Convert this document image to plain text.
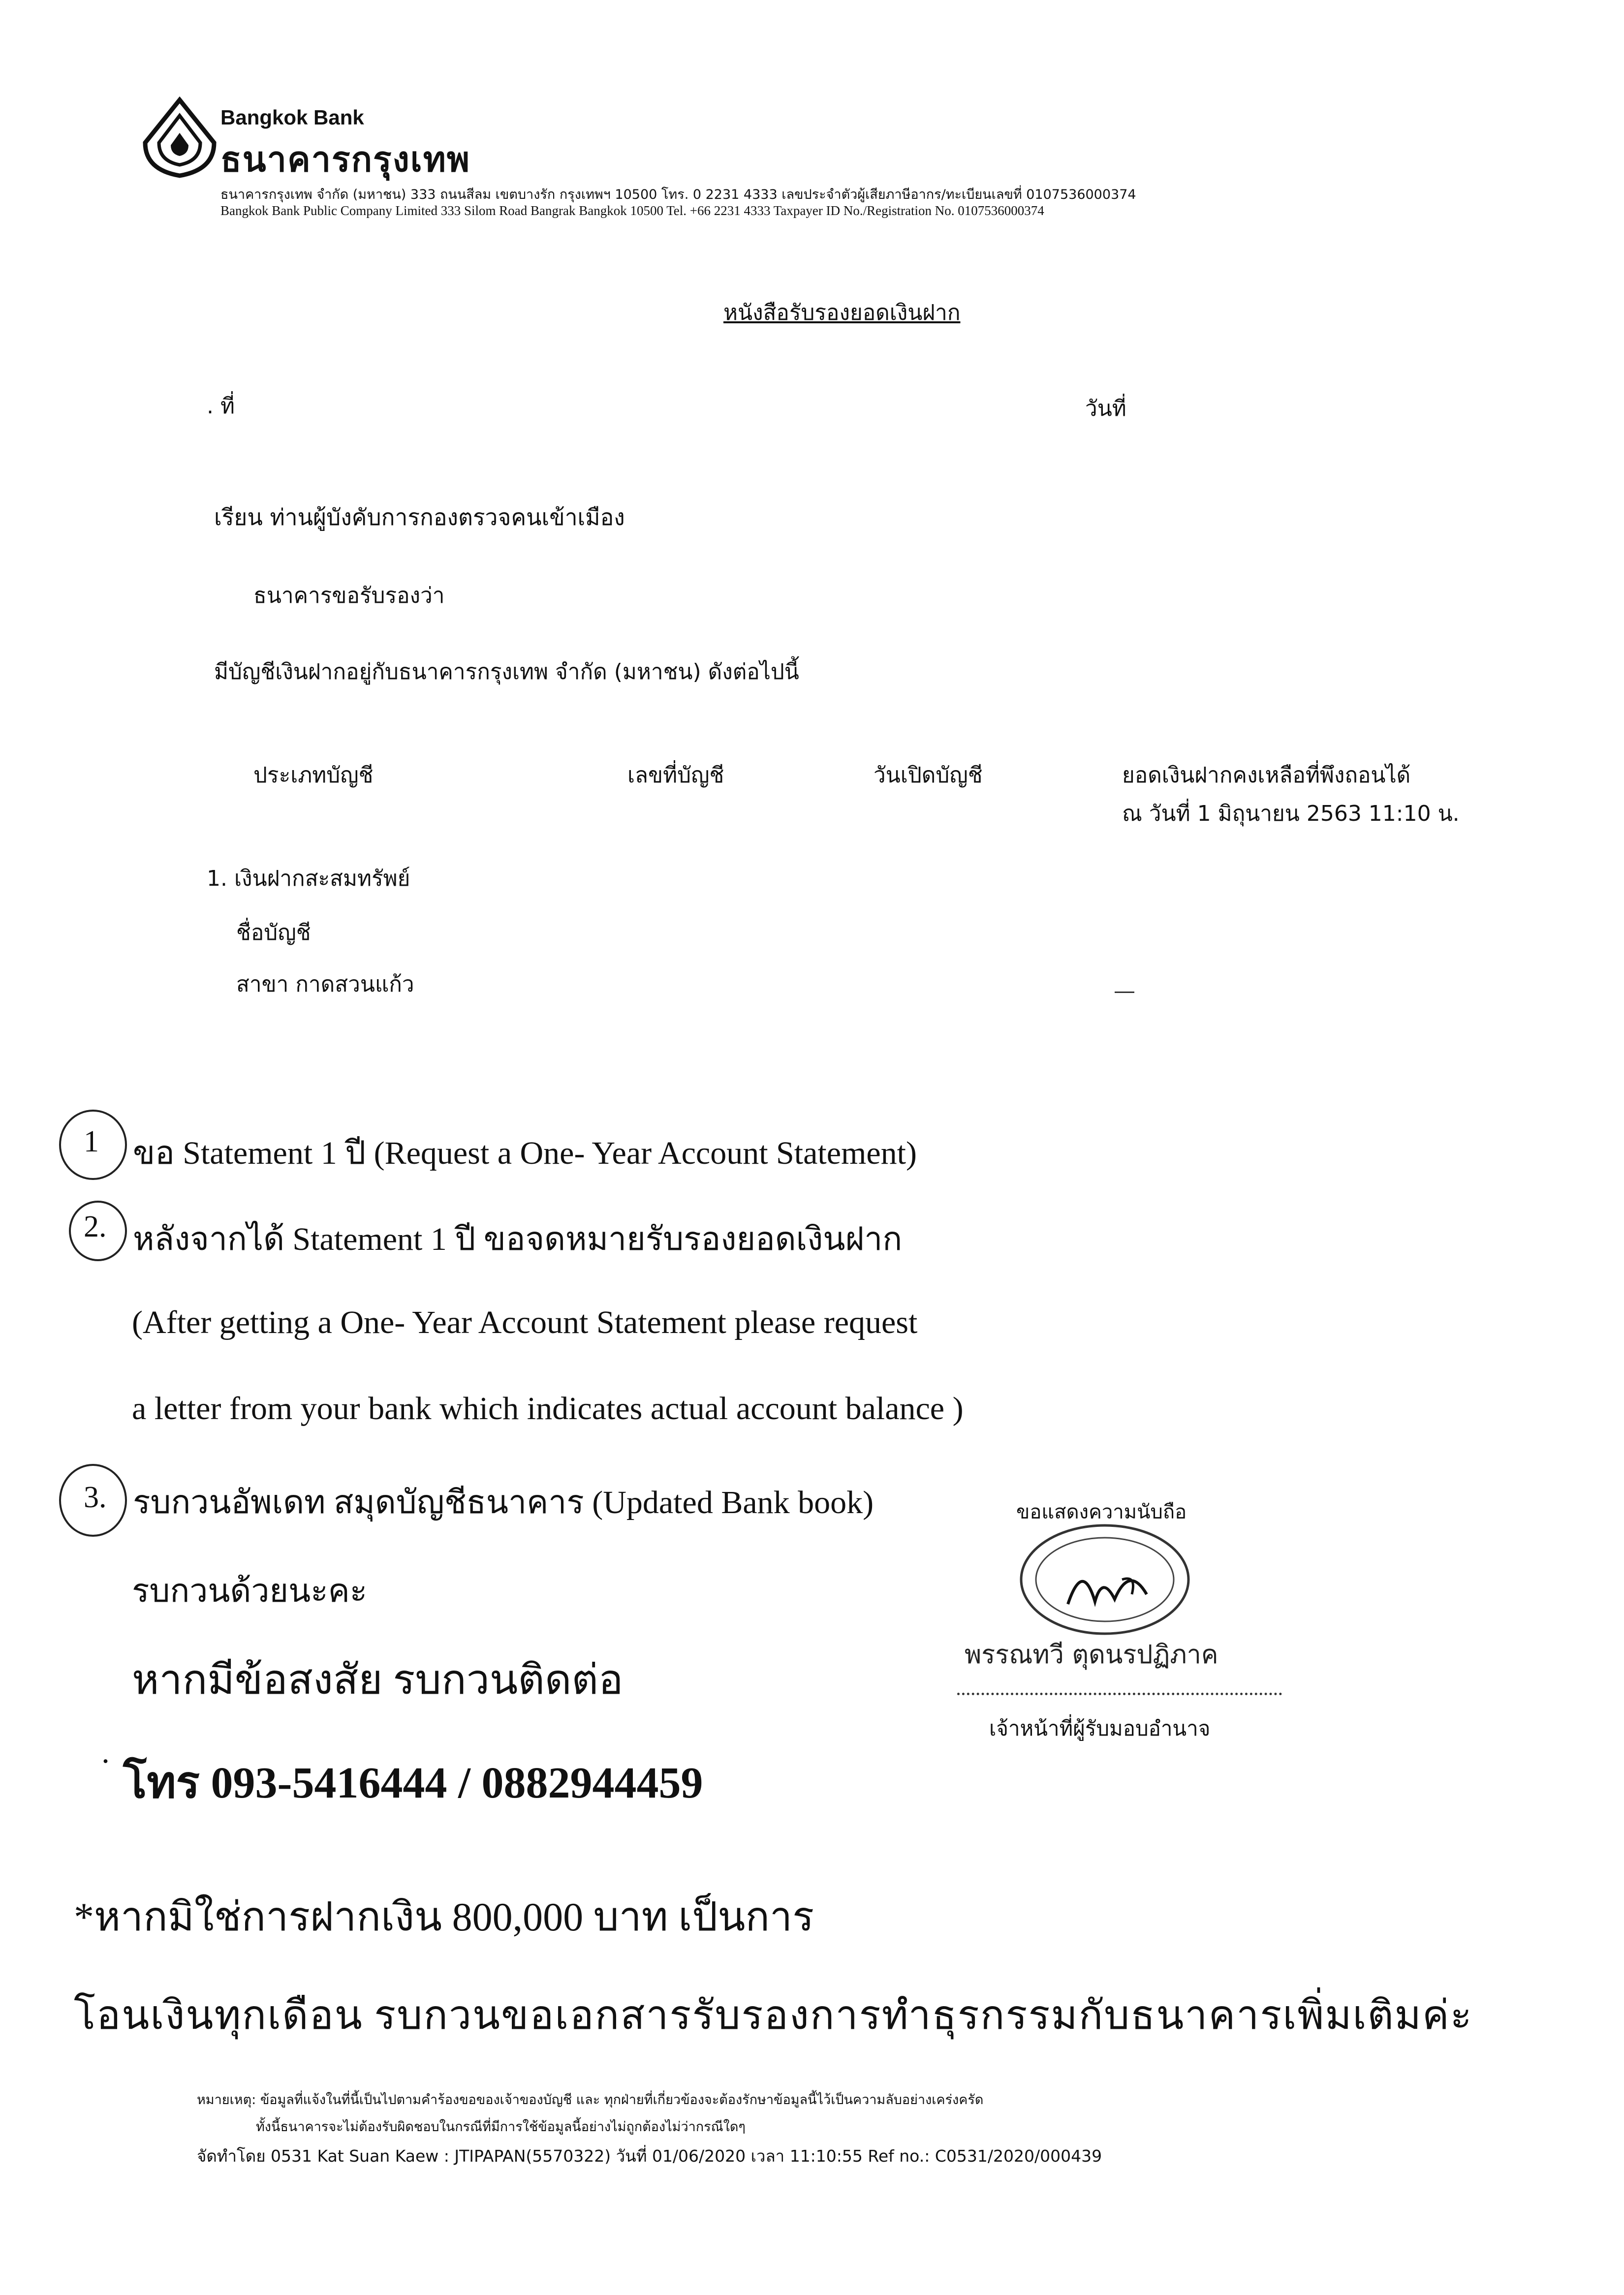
Bangkok Bank
ธนาคารกรุงเทพ
ธนาคารกรุงเทพ จำกัด (มหาชน) 333 ถนนสีลม เขตบางรัก กรุงเทพฯ 10500 โทร. 0 2231 4333 เลขประจำตัวผู้เสียภาษีอากร/ทะเบียนเลขที่ 0107536000374
Bangkok Bank Public Company Limited 333 Silom Road Bangrak Bangkok 10500 Tel. +66 2231 4333 Taxpayer ID No./Registration No. 0107536000374
หนังสือรับรองยอดเงินฝาก
. ที่	วันที่
เรียน ท่านผู้บังคับการกองตรวจคนเข้าเมือง
ธนาคารขอรับรองว่า
มีบัญชีเงินฝากอยู่กับธนาคารกรุงเทพ จำกัด (มหาชน) ดังต่อไปนี้
ประเภทบัญชี	เลขที่บัญชี	วันเปิดบัญชี	ยอดเงินฝากคงเหลือที่พึงถอนได้
ณ วันที่ 1 มิถุนายน 2563 11:10 น.
1. เงินฝากสะสมทรัพย์
ชื่อบัญชี
สาขา กาดสวนแก้ว
1 ขอ Statement 1 ปี (Request a One- Year Account Statement)
2. หลังจากได้ Statement 1 ปี ขอจดหมายรับรองยอดเงินฝาก
(After getting a One- Year Account Statement please request
a letter from your bank which indicates actual account balance )
3. รบกวนอัพเดท สมุดบัญชีธนาคาร (Updated Bank book)
รบกวนด้วยนะคะ
หากมีข้อสงสัย รบกวนติดต่อ
โทร 093-5416444 / 0882944459
·
*หากมิใช่การฝากเงิน 800,000 บาท เป็นการ
โอนเงินทุกเดือน รบกวนขอเอกสารรับรองการทำธุรกรรมกับธนาคารเพิ่มเติมค่ะ
ขอแสดงความนับถือ
พรรณทวี ตุดนรปฏิภาค
เจ้าหน้าที่ผู้รับมอบอำนาจ
หมายเหตุ: ข้อมูลที่แจ้งในที่นี้เป็นไปตามคำร้องขอของเจ้าของบัญชี และ ทุกฝ่ายที่เกี่ยวข้องจะต้องรักษาข้อมูลนี้ไว้เป็นความลับอย่างเคร่งครัด
ทั้งนี้ธนาคารจะไม่ต้องรับผิดชอบในกรณีที่มีการใช้ข้อมูลนี้อย่างไม่ถูกต้องไม่ว่ากรณีใดๆ
จัดทำโดย 0531 Kat Suan Kaew : JTIPAPAN(5570322) วันที่ 01/06/2020 เวลา 11:10:55 Ref no.: C0531/2020/000439
